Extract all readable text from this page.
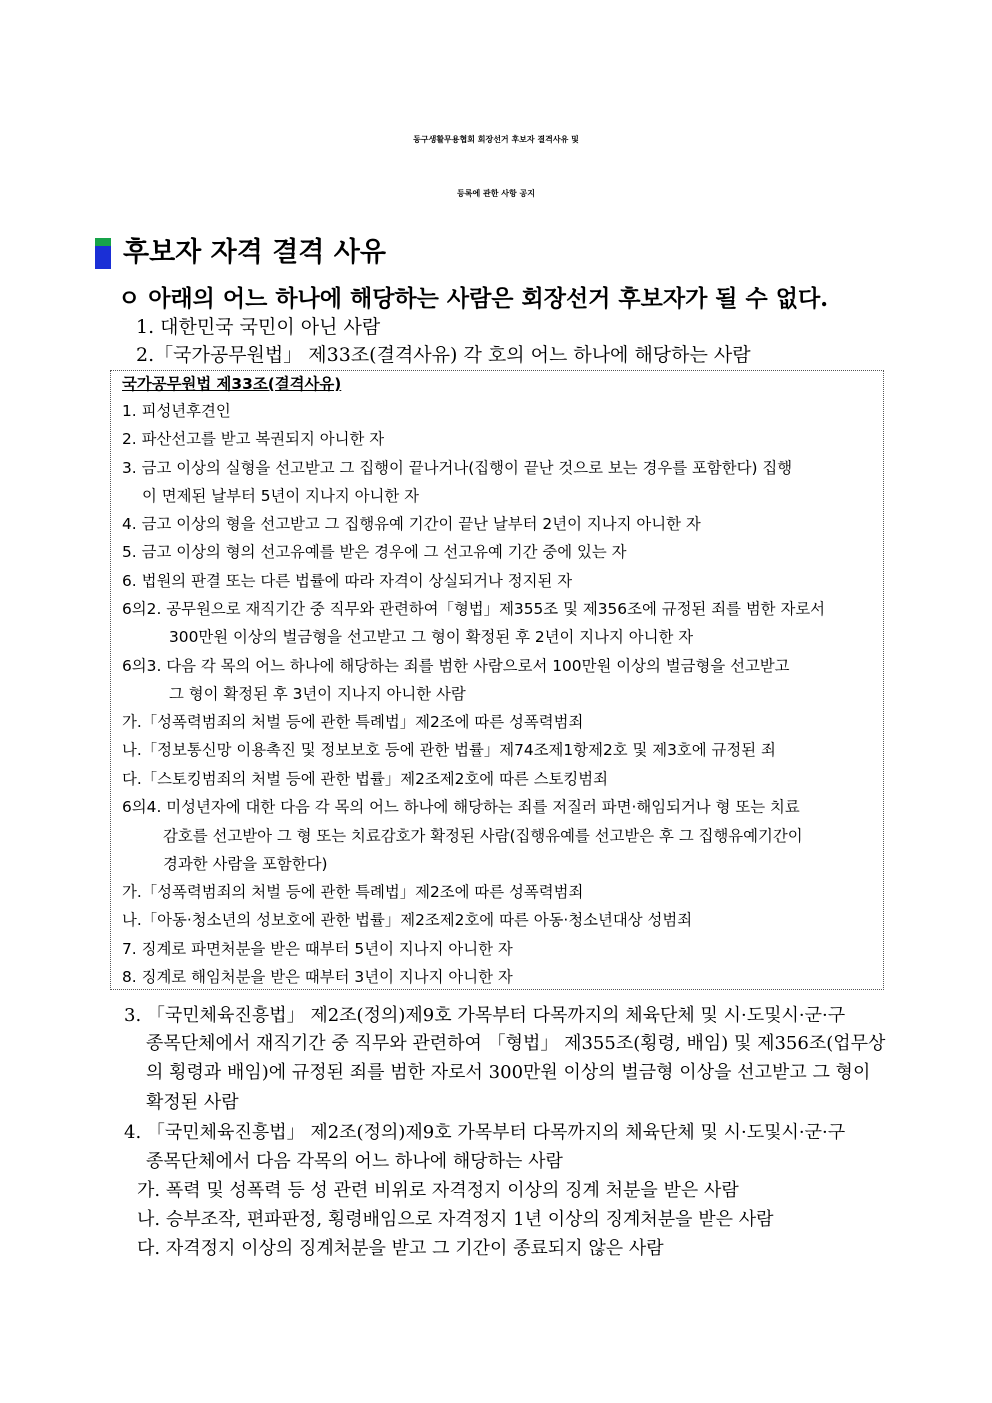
동구생활무용협회 회장선거 후보자 결격사유 및
등록에 관한 사항 공지
후보자 자격 결격 사유
ㅇ 아래의 어느 하나에 해당하는 사람은 회장선거 후보자가 될 수 없다.
1. 대한민국 국민이 아닌 사람
2.「국가공무원법」 제33조(결격사유) 각 호의 어느 하나에 해당하는 사람
국가공무원법 제33조(결격사유)
1. 피성년후견인
2. 파산선고를 받고 복권되지 아니한 자
3. 금고 이상의 실형을 선고받고 그 집행이 끝나거나(집행이 끝난 것으로 보는 경우를 포함한다) 집행
이 면제된 날부터 5년이 지나지 아니한 자
4. 금고 이상의 형을 선고받고 그 집행유예 기간이 끝난 날부터 2년이 지나지 아니한 자
5. 금고 이상의 형의 선고유예를 받은 경우에 그 선고유예 기간 중에 있는 자
6. 법원의 판결 또는 다른 법률에 따라 자격이 상실되거나 정지된 자
6의2. 공무원으로 재직기간 중 직무와 관련하여「형법」제355조 및 제356조에 규정된 죄를 범한 자로서
300만원 이상의 벌금형을 선고받고 그 형이 확정된 후 2년이 지나지 아니한 자
6의3. 다음 각 목의 어느 하나에 해당하는 죄를 범한 사람으로서 100만원 이상의 벌금형을 선고받고
그 형이 확정된 후 3년이 지나지 아니한 사람
가.「성폭력범죄의 처벌 등에 관한 특례법」제2조에 따른 성폭력범죄
나.「정보통신망 이용촉진 및 정보보호 등에 관한 법률」제74조제1항제2호 및 제3호에 규정된 죄
다.「스토킹범죄의 처벌 등에 관한 법률」제2조제2호에 따른 스토킹범죄
6의4. 미성년자에 대한 다음 각 목의 어느 하나에 해당하는 죄를 저질러 파면·해임되거나 형 또는 치료
감호를 선고받아 그 형 또는 치료감호가 확정된 사람(집행유예를 선고받은 후 그 집행유예기간이
경과한 사람을 포함한다)
가.「성폭력범죄의 처벌 등에 관한 특례법」제2조에 따른 성폭력범죄
나.「아동·청소년의 성보호에 관한 법률」제2조제2호에 따른 아동·청소년대상 성범죄
7. 징계로 파면처분을 받은 때부터 5년이 지나지 아니한 자
8. 징계로 해임처분을 받은 때부터 3년이 지나지 아니한 자
3. 「국민체육진흥법」 제2조(정의)제9호 가목부터 다목까지의 체육단체 및 시·도및시·군·구
종목단체에서 재직기간 중 직무와 관련하여 「형법」 제355조(횡령, 배임) 및 제356조(업무상
의 횡령과 배임)에 규정된 죄를 범한 자로서 300만원 이상의 벌금형 이상을 선고받고 그 형이
확정된 사람
4. 「국민체육진흥법」 제2조(정의)제9호 가목부터 다목까지의 체육단체 및 시·도및시·군·구
종목단체에서 다음 각목의 어느 하나에 해당하는 사람
가. 폭력 및 성폭력 등 성 관련 비위로 자격정지 이상의 징계 처분을 받은 사람
나. 승부조작, 편파판정, 횡령배임으로 자격정지 1년 이상의 징계처분을 받은 사람
다. 자격정지 이상의 징계처분을 받고 그 기간이 종료되지 않은 사람
